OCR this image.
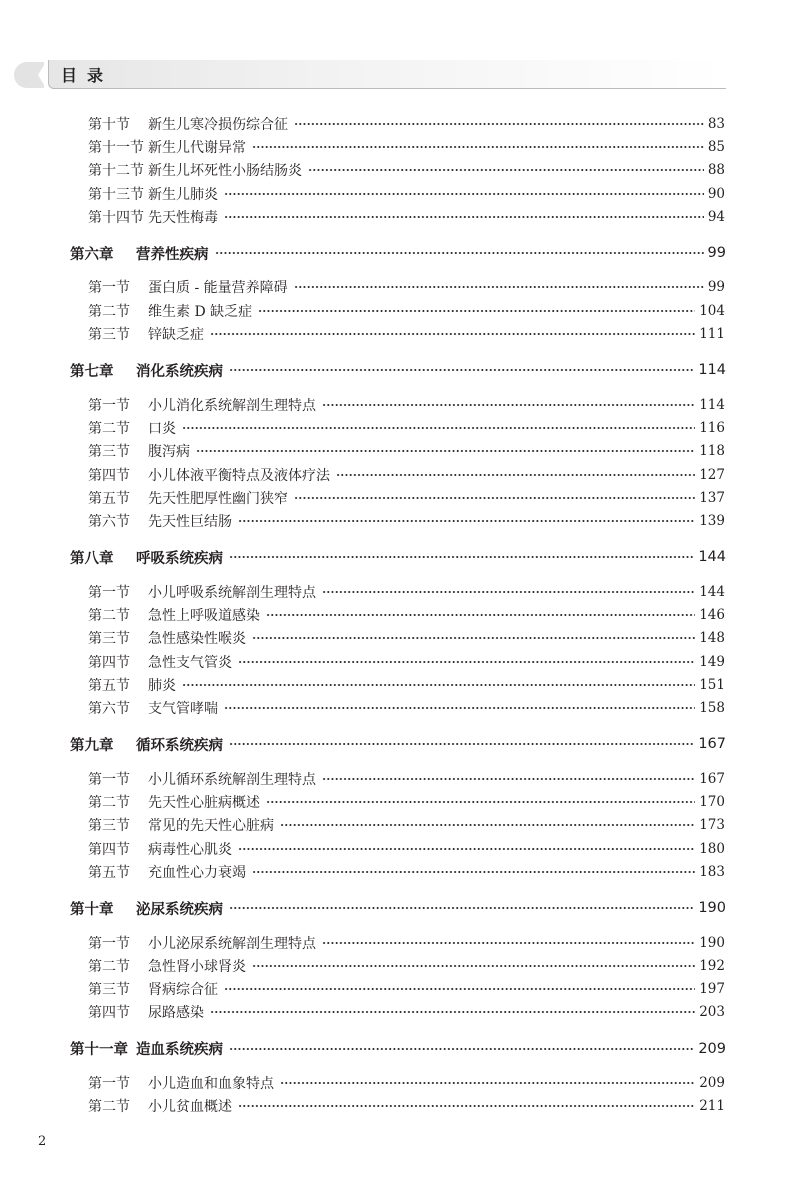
目录
第十节	新生儿寒冷损伤综合征	83
第十一节 新生儿代谢异常	85
第十二节 新生儿坏死性小肠结肠炎	88
第十三节 新生儿肺炎	90
第十四节 先天性梅毒	94
第六章	营养性疾病	99
第一节	蛋白质 - 能量营养障碍	99
第二节	维生素 D 缺乏症	104
第三节	锌缺乏症	111
第七章	消化系统疾病	114
第一节	小儿消化系统解剖生理特点	114
第二节	口炎	116
第三节	腹泻病	118
第四节	小儿体液平衡特点及液体疗法	127
第五节	先天性肥厚性幽门狭窄	137
第六节	先天性巨结肠	139
第八章	呼吸系统疾病	144
第一节	小儿呼吸系统解剖生理特点	144
第二节	急性上呼吸道感染	146
第三节	急性感染性喉炎	148
第四节	急性支气管炎	149
第五节	肺炎	151
第六节	支气管哮喘	158
第九章	循环系统疾病	167
第一节	小儿循环系统解剖生理特点	167
第二节	先天性心脏病概述	170
第三节	常见的先天性心脏病	173
第四节	病毒性心肌炎	180
第五节	充血性心力衰竭	183
第十章	泌尿系统疾病	190
第一节	小儿泌尿系统解剖生理特点	190
第二节	急性肾小球肾炎	192
第三节	肾病综合征	197
第四节	尿路感染	203
第十一章 造血系统疾病	209
第一节	小儿造血和血象特点	209
第二节	小儿贫血概述	211
2
